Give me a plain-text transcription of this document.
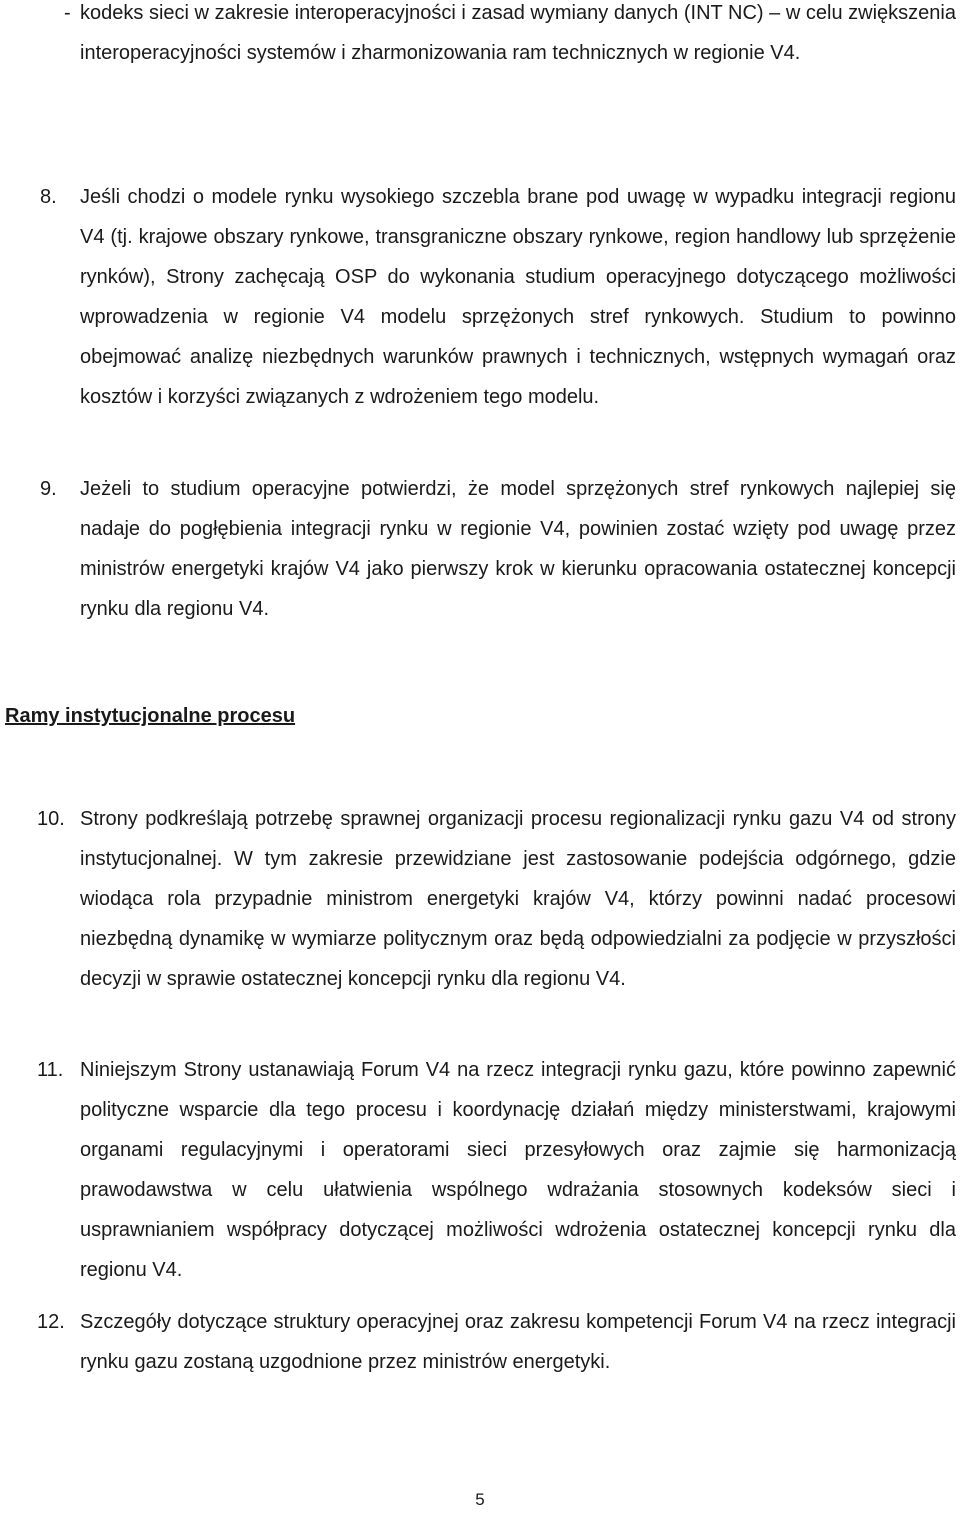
- kodeks sieci w zakresie interoperacyjności i zasad wymiany danych (INT NC) – w celu zwiększenia interoperacyjności systemów i zharmonizowania ram technicznych w regionie V4.
8.	Jeśli chodzi o modele rynku wysokiego szczebla brane pod uwagę w wypadku integracji regionu V4 (tj. krajowe obszary rynkowe, transgraniczne obszary rynkowe, region handlowy lub sprzężenie rynków), Strony zachęcają OSP do wykonania studium operacyjnego dotyczącego możliwości wprowadzenia w regionie V4 modelu sprzężonych stref rynkowych. Studium to powinno obejmować analizę niezbędnych warunków prawnych i technicznych, wstępnych wymagań oraz kosztów i korzyści związanych z wdrożeniem tego modelu.
9.	Jeżeli to studium operacyjne potwierdzi, że model sprzężonych stref rynkowych najlepiej się nadaje do pogłębienia integracji rynku w regionie V4, powinien zostać wzięty pod uwagę przez ministrów energetyki krajów V4 jako pierwszy krok w kierunku opracowania ostatecznej koncepcji rynku dla regionu V4.
Ramy instytucjonalne procesu
10. Strony podkreślają potrzebę sprawnej organizacji procesu regionalizacji rynku gazu V4 od strony instytucjonalnej. W tym zakresie przewidziane jest zastosowanie podejścia odgórnego, gdzie wiodąca rola przypadnie ministrom energetyki krajów V4, którzy powinni nadać procesowi niezbędną dynamikę w wymiarze politycznym oraz będą odpowiedzialni za podjęcie w przyszłości decyzji w sprawie ostatecznej koncepcji rynku dla regionu V4.
11. Niniejszym Strony ustanawiają Forum V4 na rzecz integracji rynku gazu, które powinno zapewnić polityczne wsparcie dla tego procesu i koordynację działań między ministerstwami, krajowymi organami regulacyjnymi i operatorami sieci przesyłowych oraz zajmie się harmonizacją prawodawstwa w celu ułatwienia wspólnego wdrażania stosownych kodeksów sieci i usprawnianiem współpracy dotyczącej możliwości wdrożenia ostatecznej koncepcji rynku dla regionu V4.
12. Szczegóły dotyczące struktury operacyjnej oraz zakresu kompetencji Forum V4 na rzecz integracji rynku gazu zostaną uzgodnione przez ministrów energetyki.
5
